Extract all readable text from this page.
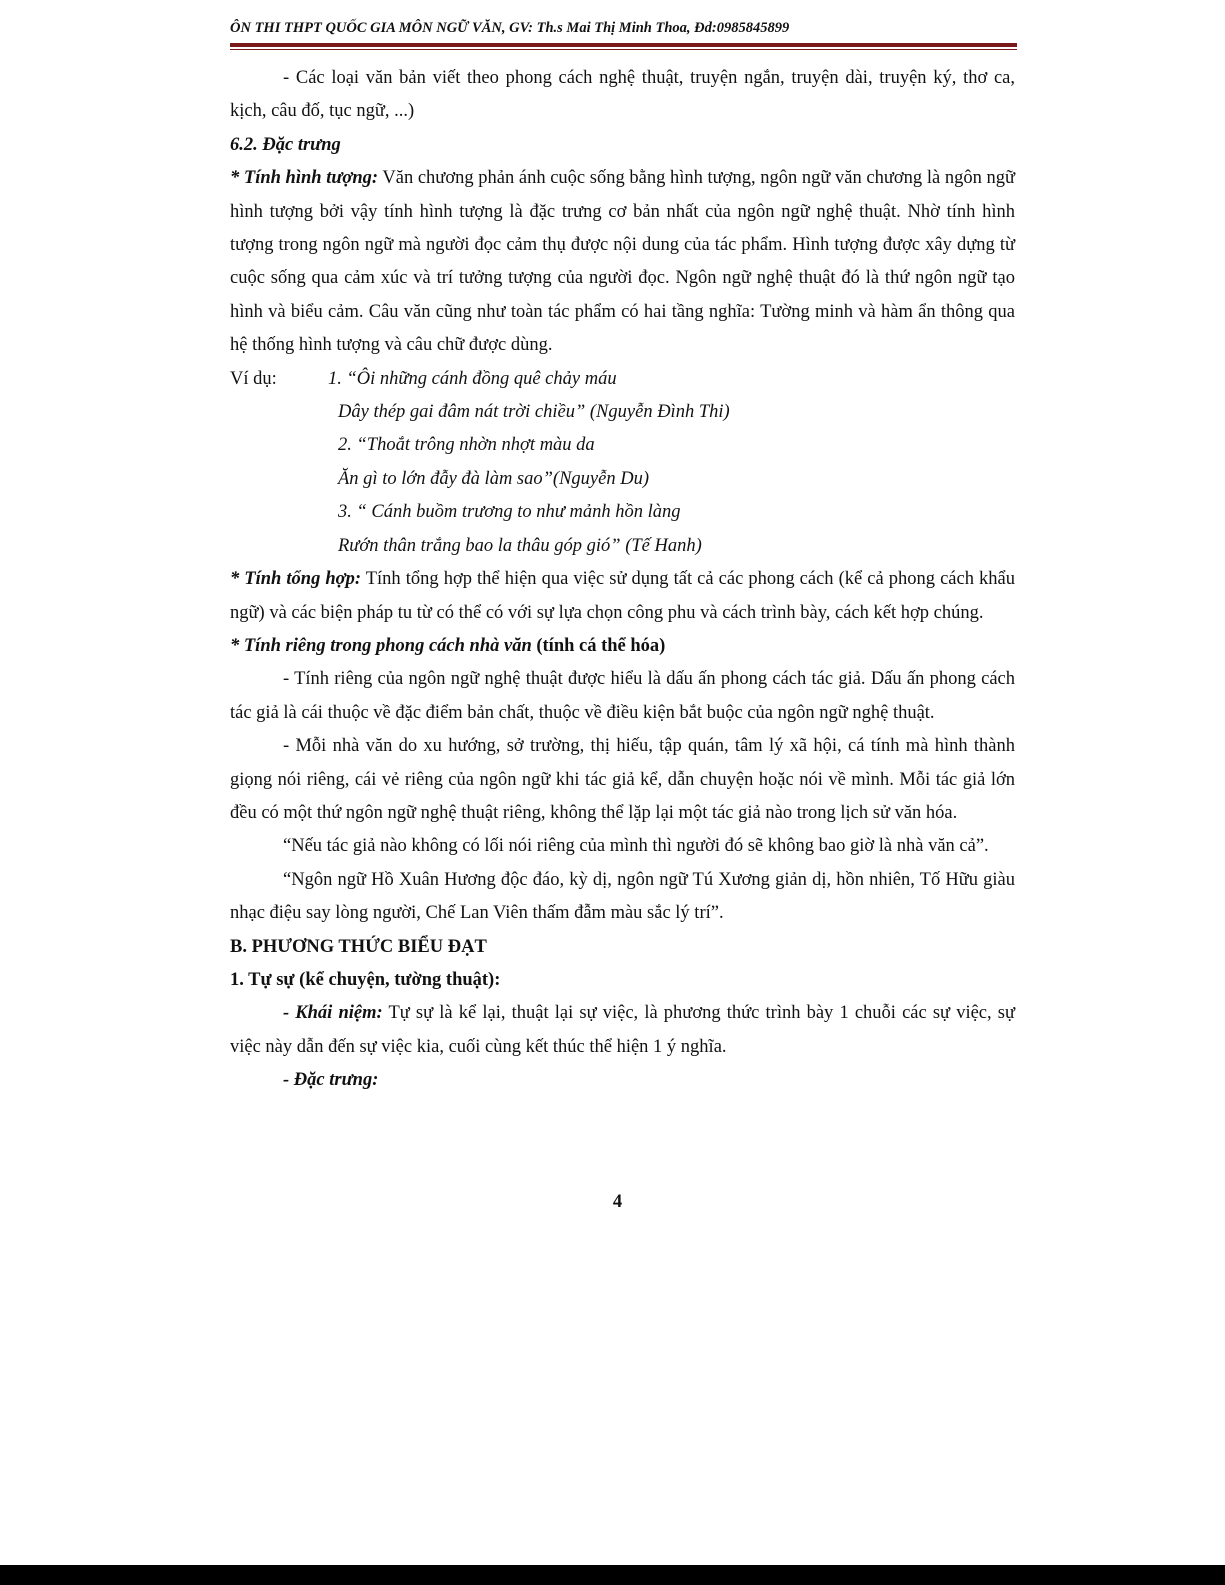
ÔN THI THPT QUỐC GIA MÔN NGỮ VĂN, GV: Th.s Mai Thị Minh Thoa, Đd:0985845899

- Các loại văn bản viết theo phong cách nghệ thuật, truyện ngắn, truyện dài, truyện ký, thơ ca, kịch, câu đố, tục ngữ, ...)

6.2. Đặc trưng

* Tính hình tượng: Văn chương phản ánh cuộc sống bằng hình tượng, ngôn ngữ văn chương là ngôn ngữ hình tượng bởi vậy tính hình tượng là đặc trưng cơ bản nhất của ngôn ngữ nghệ thuật. Nhờ tính hình tượng trong ngôn ngữ mà người đọc cảm thụ được nội dung của tác phẩm. Hình tượng được xây dựng từ cuộc sống qua cảm xúc và trí tưởng tượng của người đọc. Ngôn ngữ nghệ thuật đó là thứ ngôn ngữ tạo hình và biểu cảm. Câu văn cũng như toàn tác phẩm có hai tầng nghĩa: Tường minh và hàm ẩn thông qua hệ thống hình tượng và câu chữ được dùng.

Ví dụ:	1. “Ôi những cánh đồng quê chảy máu
Dây thép gai đâm nát trời chiều” (Nguyễn Đình Thi)
2. “Thoắt trông nhờn nhợt màu da
Ăn gì to lớn đẫy đà làm sao”(Nguyễn Du)
3. “ Cánh buồm trương to như mảnh hồn làng
Rướn thân trắng bao la thâu góp gió” (Tế Hanh)

* Tính tổng hợp: Tính tổng hợp thể hiện qua việc sử dụng tất cả các phong cách (kể cả phong cách khẩu ngữ) và các biện pháp tu từ có thể có với sự lựa chọn công phu và cách trình bày, cách kết hợp chúng.

* Tính riêng trong phong cách nhà văn (tính cá thể hóa)

- Tính riêng của ngôn ngữ nghệ thuật được hiểu là dấu ấn phong cách tác giả. Dấu ấn phong cách tác giả là cái thuộc về đặc điểm bản chất, thuộc về điều kiện bắt buộc của ngôn ngữ nghệ thuật.

- Mỗi nhà văn do xu hướng, sở trường, thị hiếu, tập quán, tâm lý xã hội, cá tính mà hình thành giọng nói riêng, cái vẻ riêng của ngôn ngữ khi tác giả kể, dẫn chuyện hoặc nói về mình. Mỗi tác giả lớn đều có một thứ ngôn ngữ nghệ thuật riêng, không thể lặp lại một tác giả nào trong lịch sử văn hóa.

“Nếu tác giả nào không có lối nói riêng của mình thì người đó sẽ không bao giờ là nhà văn cả”.

“Ngôn ngữ Hồ Xuân Hương độc đáo, kỳ dị, ngôn ngữ Tú Xương giản dị, hồn nhiên, Tố Hữu giàu nhạc điệu say lòng người, Chế Lan Viên thấm đẫm màu sắc lý trí”.

B. PHƯƠNG THỨC BIỂU ĐẠT

1. Tự sự (kể chuyện, tường thuật):

- Khái niệm: Tự sự là kể lại, thuật lại sự việc, là phương thức trình bày 1 chuỗi các sự việc, sự việc này dẫn đến sự việc kia, cuối cùng kết thúc thể hiện 1 ý nghĩa.

- Đặc trưng:

4
